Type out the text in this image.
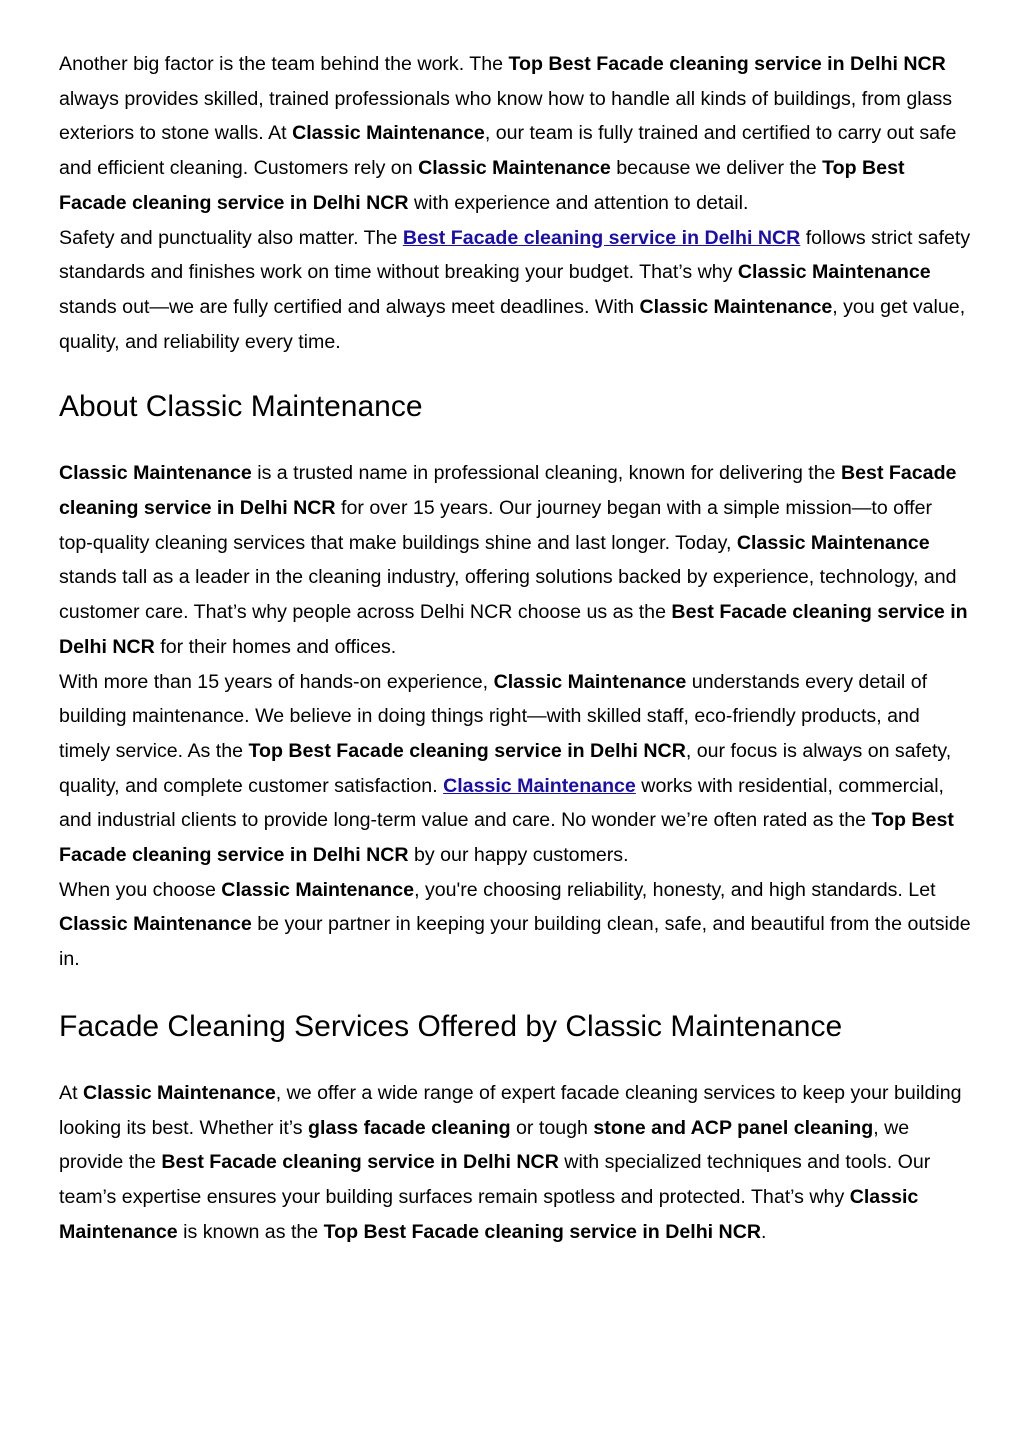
Another big factor is the team behind the work. The Top Best Facade cleaning service in Delhi NCR always provides skilled, trained professionals who know how to handle all kinds of buildings, from glass exteriors to stone walls. At Classic Maintenance, our team is fully trained and certified to carry out safe and efficient cleaning. Customers rely on Classic Maintenance because we deliver the Top Best Facade cleaning service in Delhi NCR with experience and attention to detail.

Safety and punctuality also matter. The Best Facade cleaning service in Delhi NCR follows strict safety standards and finishes work on time without breaking your budget. That’s why Classic Maintenance stands out—we are fully certified and always meet deadlines. With Classic Maintenance, you get value, quality, and reliability every time.

About Classic Maintenance

Classic Maintenance is a trusted name in professional cleaning, known for delivering the Best Facade cleaning service in Delhi NCR for over 15 years. Our journey began with a simple mission—to offer top-quality cleaning services that make buildings shine and last longer. Today, Classic Maintenance stands tall as a leader in the cleaning industry, offering solutions backed by experience, technology, and customer care. That’s why people across Delhi NCR choose us as the Best Facade cleaning service in Delhi NCR for their homes and offices.

With more than 15 years of hands-on experience, Classic Maintenance understands every detail of building maintenance. We believe in doing things right—with skilled staff, eco-friendly products, and timely service. As the Top Best Facade cleaning service in Delhi NCR, our focus is always on safety, quality, and complete customer satisfaction. Classic Maintenance works with residential, commercial, and industrial clients to provide long-term value and care. No wonder we’re often rated as the Top Best Facade cleaning service in Delhi NCR by our happy customers.

When you choose Classic Maintenance, you're choosing reliability, honesty, and high standards. Let Classic Maintenance be your partner in keeping your building clean, safe, and beautiful from the outside in.

Facade Cleaning Services Offered by Classic Maintenance

At Classic Maintenance, we offer a wide range of expert facade cleaning services to keep your building looking its best. Whether it’s glass facade cleaning or tough stone and ACP panel cleaning, we provide the Best Facade cleaning service in Delhi NCR with specialized techniques and tools. Our team’s expertise ensures your building surfaces remain spotless and protected. That’s why Classic Maintenance is known as the Top Best Facade cleaning service in Delhi NCR.
